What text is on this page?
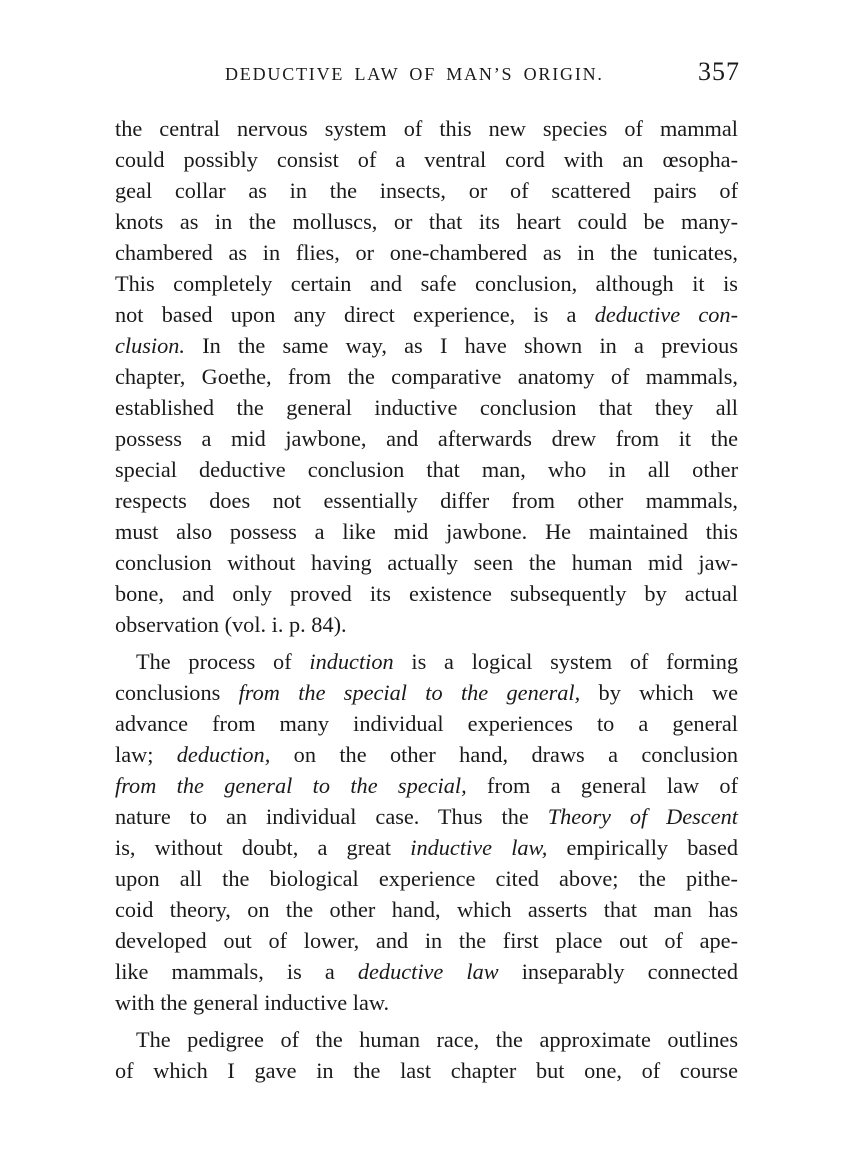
DEDUCTIVE LAW OF MAN’S ORIGIN.	357
the central nervous system of this new species of mammal
could possibly consist of a ventral cord with an œsopha-
geal collar as in the insects, or of scattered pairs of
knots as in the molluscs, or that its heart could be many-
chambered as in flies, or one-chambered as in the tunicates,
This completely certain and safe conclusion, although it is
not based upon any direct experience, is a deductive con-
clusion. In the same way, as I have shown in a previous
chapter, Goethe, from the comparative anatomy of mammals,
established the general inductive conclusion that they all
possess a mid jawbone, and afterwards drew from it the
special deductive conclusion that man, who in all other
respects does not essentially differ from other mammals,
must also possess a like mid jawbone. He maintained this
conclusion without having actually seen the human mid jaw-
bone, and only proved its existence subsequently by actual
observation (vol. i. p. 84).
The process of induction is a logical system of forming
conclusions from the special to the general, by which we
advance from many individual experiences to a general
law; deduction, on the other hand, draws a conclusion
from the general to the special, from a general law of
nature to an individual case. Thus the Theory of Descent
is, without doubt, a great inductive law, empirically based
upon all the biological experience cited above; the pithe-
coid theory, on the other hand, which asserts that man has
developed out of lower, and in the first place out of ape-
like mammals, is a deductive law inseparably connected
with the general inductive law.
The pedigree of the human race, the approximate outlines
of which I gave in the last chapter but one, of course
